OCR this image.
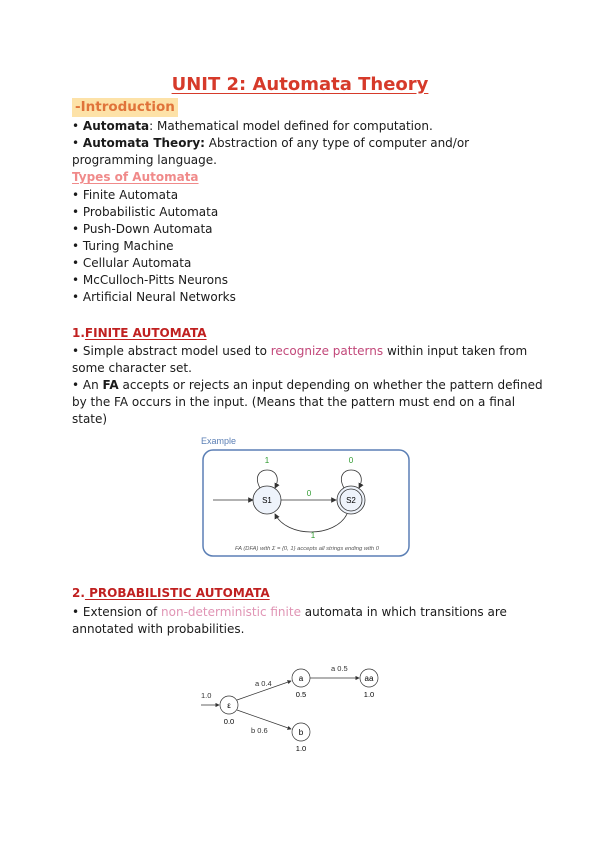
UNIT 2: Automata Theory
-Introduction
• Automata: Mathematical model defined for computation.
• Automata Theory: Abstraction of any type of computer and/or
programming language.
Types of Automata
• Finite Automata
• Probabilistic Automata
• Push-Down Automata
• Turing Machine
• Cellular Automata
• McCulloch-Pitts Neurons
• Artificial Neural Networks
1.FINITE AUTOMATA
• Simple abstract model used to recognize patterns within input taken from
some character set.
• An FA accepts or rejects an input depending on whether the pattern defined
by the FA occurs in the input. (Means that the pattern must end on a final
state)
Example
S1	S2
1	0
0
1
FA (DFA) with Σ = {0, 1} accepts all strings ending with 0
2. PROBABILISTIC AUTOMATA
• Extension of non-deterministic finite automata in which transitions are
annotated with probabilities.
1.0
ε
0.0
a
0.5
aa
1.0
b
1.0
a 0.4
a 0.5
b 0.6
